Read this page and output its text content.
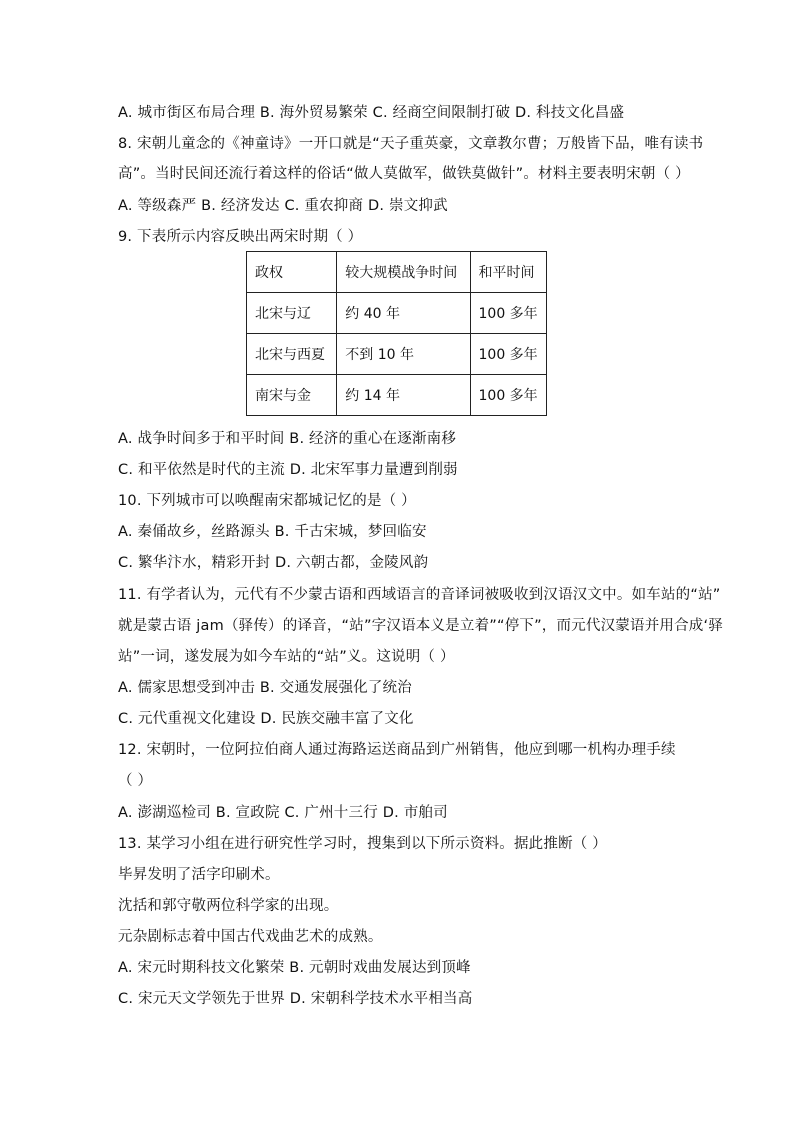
A. 城市街区布局合理 B. 海外贸易繁荣 C. 经商空间限制打破 D. 科技文化昌盛
8. 宋朝儿童念的《神童诗》一开口就是“天子重英豪，文章教尔曹；万般皆下品，唯有读书
高”。当时民间还流行着这样的俗话“做人莫做军，做铁莫做针”。材料主要表明宋朝（ ）
A. 等级森严 B. 经济发达 C. 重农抑商 D. 崇文抑武
9. 下表所示内容反映出两宋时期（ ）
政权	较大规模战争时间	和平时间
北宋与辽	约 40 年	100 多年
北宋与西夏	不到 10 年	100 多年
南宋与金	约 14 年	100 多年
A. 战争时间多于和平时间 B. 经济的重心在逐渐南移
C. 和平依然是时代的主流 D. 北宋军事力量遭到削弱
10. 下列城市可以唤醒南宋都城记忆的是（ ）
A. 秦俑故乡，丝路源头 B. 千古宋城，梦回临安
C. 繁华汴水，精彩开封 D. 六朝古都，金陵风韵
11. 有学者认为，元代有不少蒙古语和西域语言的音译词被吸收到汉语汉文中。如车站的“站”
就是蒙古语 jam（驿传）的译音，“站”字汉语本义是立着”“停下”，而元代汉蒙语并用合成‘驿
站”一词，遂发展为如今车站的“站”义。这说明（ ）
A. 儒家思想受到冲击 B. 交通发展强化了统治
C. 元代重视文化建设 D. 民族交融丰富了文化
12. 宋朝时，一位阿拉伯商人通过海路运送商品到广州销售，他应到哪一机构办理手续
（ ）
A. 澎湖巡检司 B. 宣政院 C. 广州十三行 D. 市舶司
13. 某学习小组在进行研究性学习时，搜集到以下所示资料。据此推断（ ）
毕昇发明了活字印刷术。
沈括和郭守敬两位科学家的出现。
元杂剧标志着中国古代戏曲艺术的成熟。
A. 宋元时期科技文化繁荣 B. 元朝时戏曲发展达到顶峰
C. 宋元天文学领先于世界 D. 宋朝科学技术水平相当高
